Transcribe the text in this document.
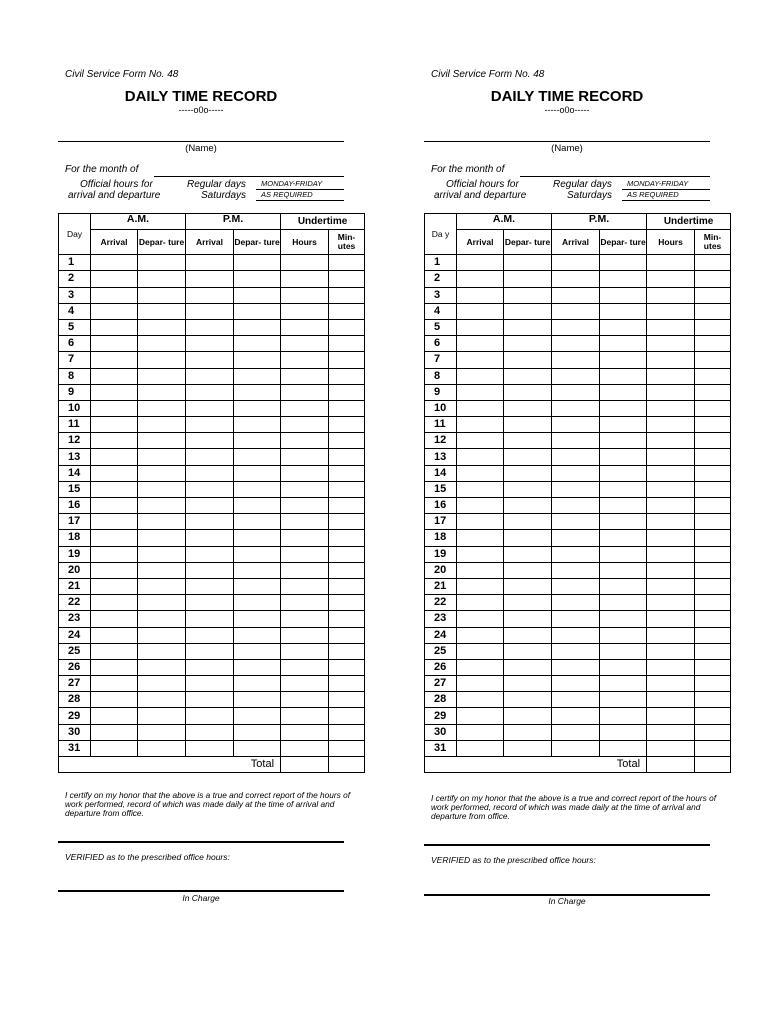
Civil Service Form No. 48
DAILY TIME RECORD
-----o0o-----
(Name)
For the month of
Official hours for
arrival and departure
Regular days MONDAY-FRIDAY
Saturdays AS REQUIRED
Day	A.M.		P.M.		Undertime	
	Arrival	Depar- ture	Arrival	Depar- ture	Hours	Min- utes
1						
2						
3						
4						
5						
6						
7						
8						
9						
10						
11						
12						
13						
14						
15						
16						
17						
18						
19						
20						
21						
22						
23						
24						
25						
26						
27						
28						
29						
30						
31						
Total						
I certify on my honor that the above is a true and correct report of the hours of work performed, record of which was made daily at the time of arrival and departure from office.
VERIFIED as to the prescribed office hours:
In Charge
Civil Service Form No. 48
DAILY TIME RECORD
-----o0o-----
(Name)
For the month of
Official hours for
arrival and departure
Regular days MONDAY-FRIDAY
Saturdays AS REQUIRED
Da y	A.M.		P.M.		Undertime	
	Arrival	Depar- ture	Arrival	Depar- ture	Hours	Min- utes
1						
2						
3						
4						
5						
6						
7						
8						
9						
10						
11						
12						
13						
14						
15						
16						
17						
18						
19						
20						
21						
22						
23						
24						
25						
26						
27						
28						
29						
30						
31						
Total						
I certify on my honor that the above is a true and correct report of the hours of work performed, record of which was made daily at the time of arrival and departure from office.
VERIFIED as to the prescribed office hours:
In Charge
